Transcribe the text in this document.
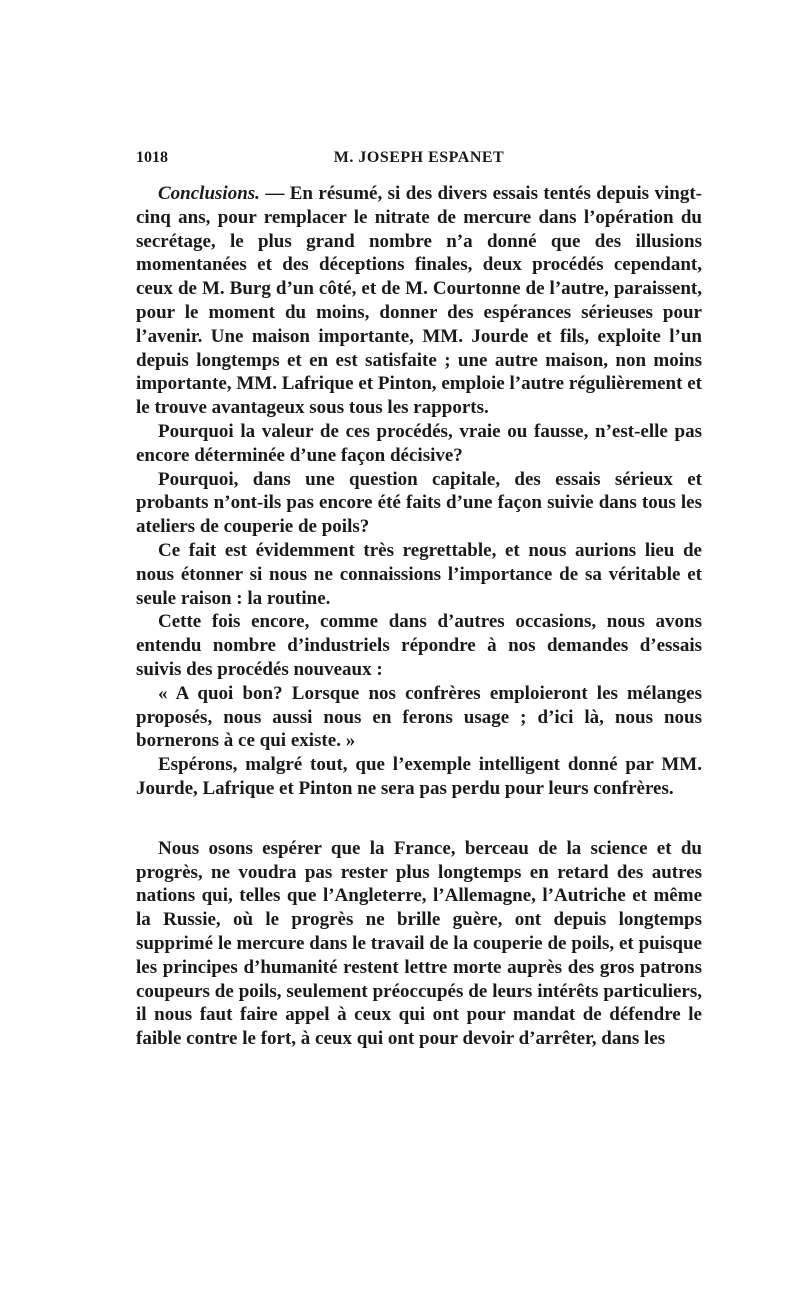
1018	M. JOSEPH ESPANET

Conclusions. — En résumé, si des divers essais tentés depuis vingt-cinq ans, pour remplacer le nitrate de mercure dans l’opération du secrétage, le plus grand nombre n’a donné que des illusions momentanées et des déceptions finales, deux procédés cependant, ceux de M. Burg d’un côté, et de M. Courtonne de l’autre, paraissent, pour le moment du moins, donner des espérances sérieuses pour l’avenir. Une maison importante, MM. Jourde et fils, exploite l’un depuis longtemps et en est satisfaite ; une autre maison, non moins importante, MM. Lafrique et Pinton, emploie l’autre régulièrement et le trouve avantageux sous tous les rapports.

Pourquoi la valeur de ces procédés, vraie ou fausse, n’est-elle pas encore déterminée d’une façon décisive?

Pourquoi, dans une question capitale, des essais sérieux et probants n’ont-ils pas encore été faits d’une façon suivie dans tous les ateliers de couperie de poils?

Ce fait est évidemment très regrettable, et nous aurions lieu de nous étonner si nous ne connaissions l’importance de sa véritable et seule raison : la routine.

Cette fois encore, comme dans d’autres occasions, nous avons entendu nombre d’industriels répondre à nos demandes d’essais suivis des procédés nouveaux :

« A quoi bon? Lorsque nos confrères emploieront les mélanges proposés, nous aussi nous en ferons usage ; d’ici là, nous nous bornerons à ce qui existe. »

Espérons, malgré tout, que l’exemple intelligent donné par MM. Jourde, Lafrique et Pinton ne sera pas perdu pour leurs confrères.

Nous osons espérer que la France, berceau de la science et du progrès, ne voudra pas rester plus longtemps en retard des autres nations qui, telles que l’Angleterre, l’Allemagne, l’Autriche et même la Russie, où le progrès ne brille guère, ont depuis longtemps supprimé le mercure dans le travail de la couperie de poils, et puisque les principes d’humanité restent lettre morte auprès des gros patrons coupeurs de poils, seulement préoccupés de leurs intérêts particuliers, il nous faut faire appel à ceux qui ont pour mandat de défendre le faible contre le fort, à ceux qui ont pour devoir d’arrêter, dans les
